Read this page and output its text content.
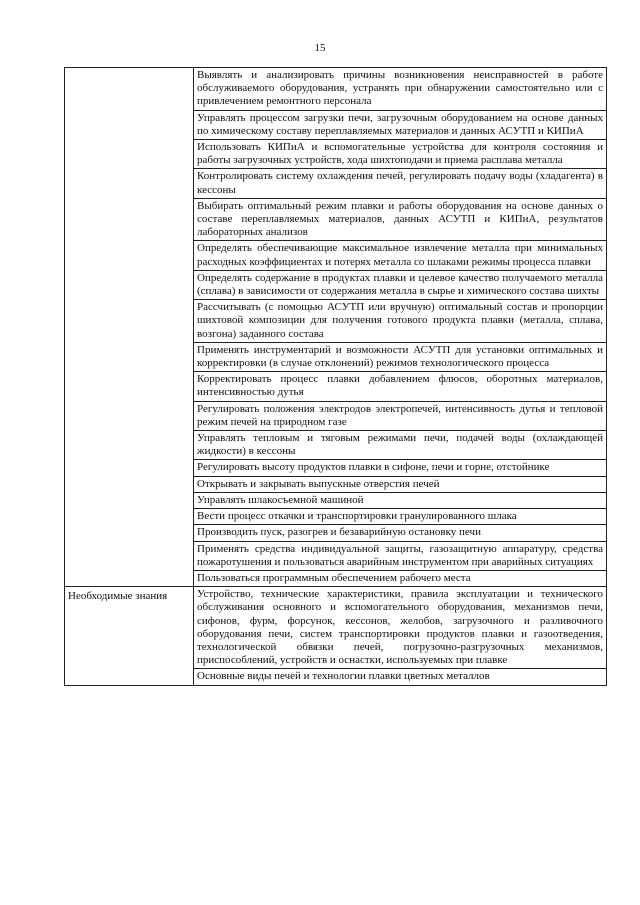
15
Выявлять и анализировать причины возникновения неисправностей в работе обслуживаемого оборудования, устранять при обнаружении самостоятельно или с привлечением ремонтного персонала
Управлять процессом загрузки печи, загрузочным оборудованием на основе данных по химическому составу переплавляемых материалов и данных АСУТП и КИПиА
Использовать КИПиА и вспомогательные устройства для контроля состояния и работы загрузочных устройств, хода шихтоподачи и приема расплава металла
Контролировать систему охлаждения печей, регулировать подачу воды (хладагента) в кессоны
Выбирать оптимальный режим плавки и работы оборудования на основе данных о составе переплавляемых материалов, данных АСУТП и КИПиА, результатов лабораторных анализов
Определять обеспечивающие максимальное извлечение металла при минимальных расходных коэффициентах и потерях металла со шлаками режимы процесса плавки
Определять содержание в продуктах плавки и целевое качество получаемого металла (сплава) в зависимости от содержания металла в сырье и химического состава шихты
Рассчитывать (с помощью АСУТП или вручную) оптимальный состав и пропорции шихтовой композиции для получения готового продукта плавки (металла, сплава, возгона) заданного состава
Применять инструментарий и возможности АСУТП для установки оптимальных и корректировки (в случае отклонений) режимов технологического процесса
Корректировать процесс плавки добавлением флюсов, оборотных материалов, интенсивностью дутья
Регулировать положения электродов электропечей, интенсивность дутья и тепловой режим печей на природном газе
Управлять тепловым и тяговым режимами печи, подачей воды (охлаждающей жидкости) в кессоны
Регулировать высоту продуктов плавки в сифоне, печи и горне, отстойнике
Открывать и закрывать выпускные отверстия печей
Управлять шлакосъемной машиной
Вести процесс откачки и транспортировки гранулированного шлака
Производить пуск, разогрев и безаварийную остановку печи
Применять средства индивидуальной защиты, газозащитную аппаратуру, средства пожаротушения и пользоваться аварийным инструментом при аварийных ситуациях
Пользоваться программным обеспечением рабочего места
Необходимые знания	Устройство, технические характеристики, правила эксплуатации и технического обслуживания основного и вспомогательного оборудования, механизмов печи, сифонов, фурм, форсунок, кессонов, желобов, загрузочного и разливочного оборудования печи, систем транспортировки продуктов плавки и газоотведения, технологической обвязки печей, погрузочно-разгрузочных механизмов, приспособлений, устройств и оснастки, используемых при плавке
Основные виды печей и технологии плавки цветных металлов
